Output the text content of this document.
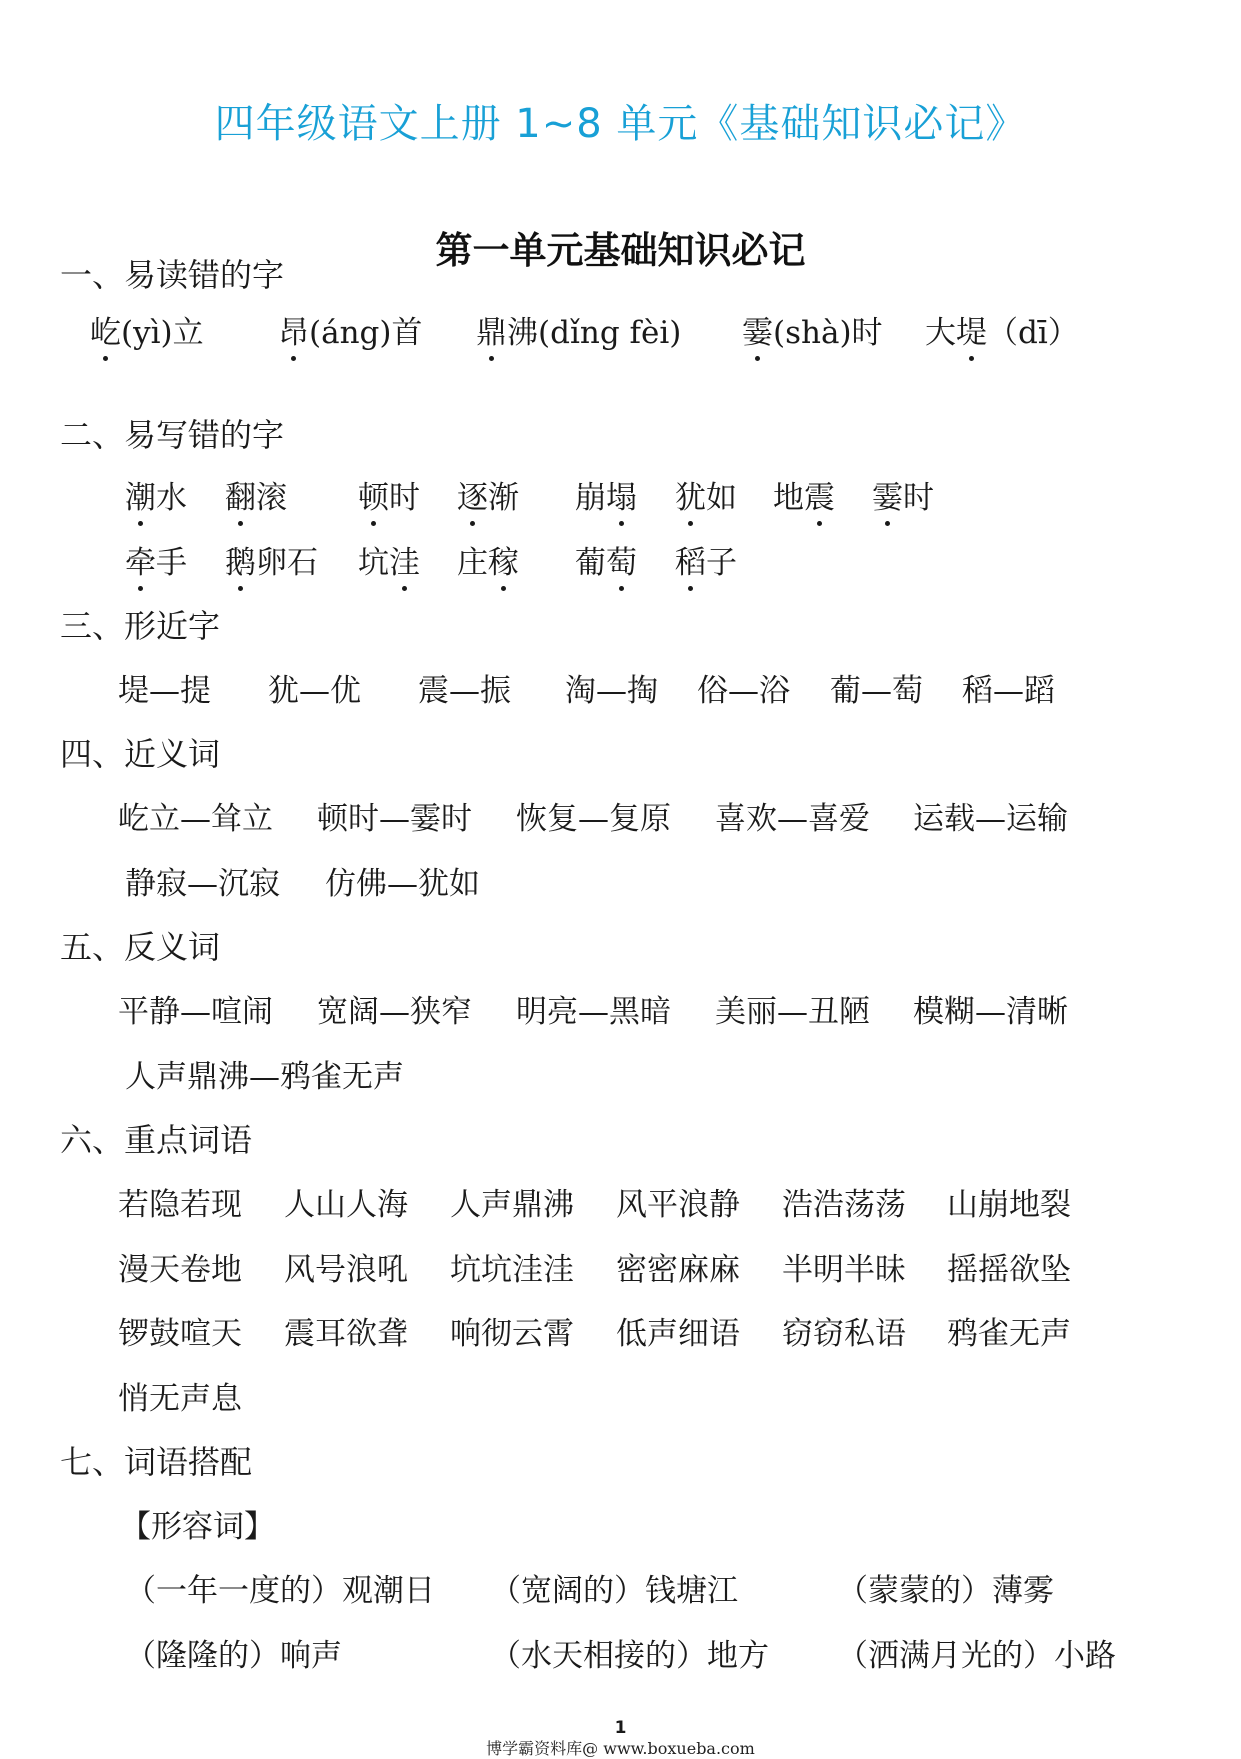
四年级语文上册 1~8 单元《基础知识必记》
第一单元基础知识必记
一、易读错的字
屹(yì)立 昂(áng)首 鼎沸(dǐng fèi) 霎(shà)时 大堤（dī）
二、易写错的字
潮水 翻滚 顿时 逐渐 崩塌 犹如 地震 霎时
牵手 鹅卵石 坑洼 庄稼 葡萄 稻子
三、形近字
堤—提 犹—优 震—振 淘—掏 俗—浴 葡—萄 稻—蹈
四、近义词
屹立—耸立 顿时—霎时 恢复—复原 喜欢—喜爱 运载—运输
静寂—沉寂 仿佛—犹如
五、反义词
平静—喧闹 宽阔—狭窄 明亮—黑暗 美丽—丑陋 模糊—清晰
人声鼎沸—鸦雀无声
六、重点词语
若隐若现 人山人海 人声鼎沸 风平浪静 浩浩荡荡 山崩地裂
漫天卷地 风号浪吼 坑坑洼洼 密密麻麻 半明半昧 摇摇欲坠
锣鼓喧天 震耳欲聋 响彻云霄 低声细语 窃窃私语 鸦雀无声
悄无声息
七、词语搭配
【形容词】
（一年一度的）观潮日 （宽阔的）钱塘江	（蒙蒙的）薄雾
（隆隆的）响声	（水天相接的）地方 （洒满月光的）小路
1
博学霸资料库@ www.boxueba.com
